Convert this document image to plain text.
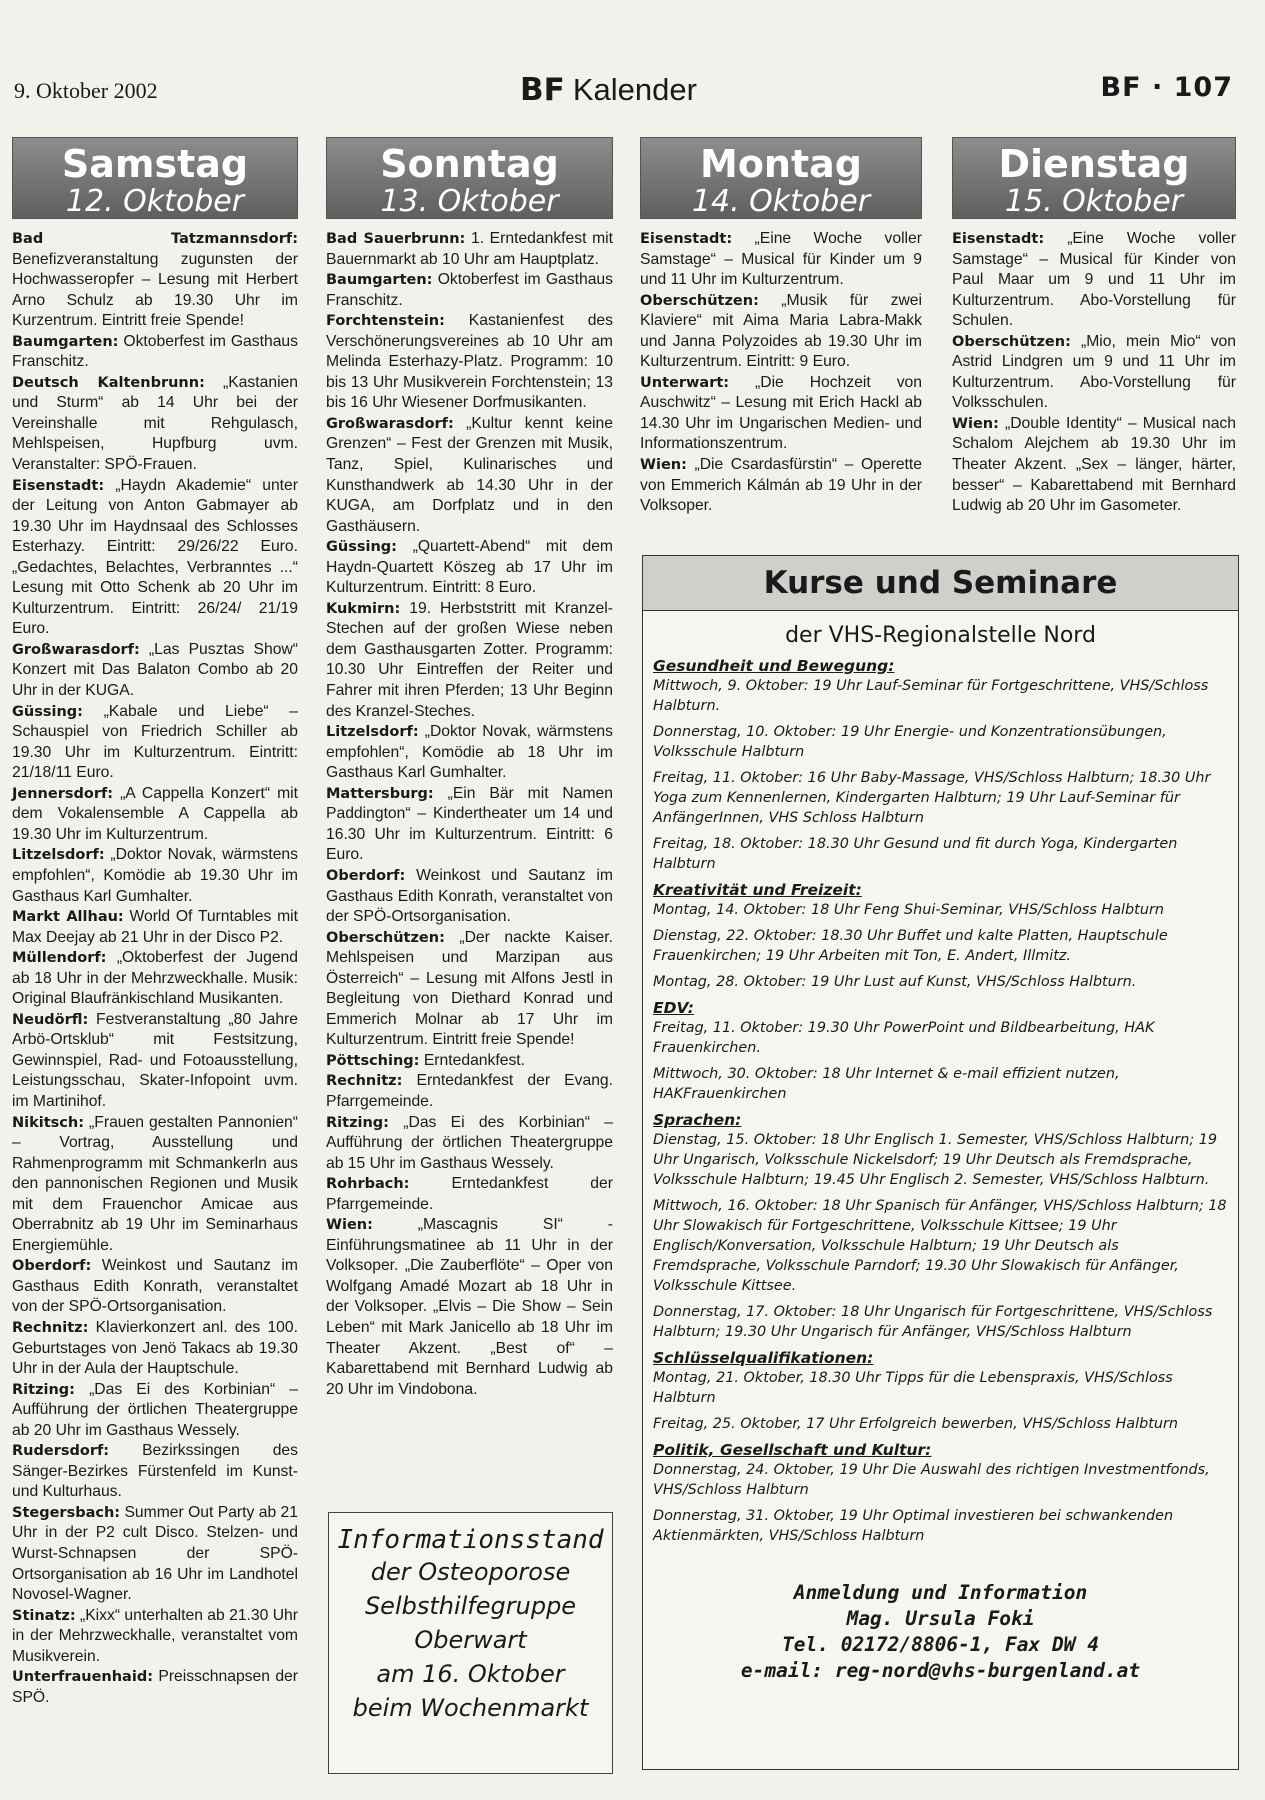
9. Oktober 2002	BF Kalender	BF · 107
Samstag
12. Oktober

Bad Tatzmannsdorf: Benefizveranstaltung zugunsten der Hochwasseropfer – Lesung mit Herbert Arno Schulz ab 19.30 Uhr im Kurzentrum. Eintritt freie Spende!

Baumgarten: Oktoberfest im Gasthaus Franschitz.

Deutsch Kaltenbrunn: „Kastanien und Sturm“ ab 14 Uhr bei der Vereinshalle mit Rehgulasch, Mehlspeisen, Hupfburg uvm. Veranstalter: SPÖ-Frauen.

Eisenstadt: „Haydn Akademie“ unter der Leitung von Anton Gabmayer ab 19.30 Uhr im Haydnsaal des Schlosses Esterhazy. Eintritt: 29/26/22 Euro. „Gedachtes, Belachtes, Verbranntes ...“ Lesung mit Otto Schenk ab 20 Uhr im Kulturzentrum. Eintritt: 26/24/ 21/19 Euro.

Großwarasdorf: „Las Pusztas Show“ Konzert mit Das Balaton Combo ab 20 Uhr in der KUGA.

Güssing: „Kabale und Liebe“ – Schauspiel von Friedrich Schiller ab 19.30 Uhr im Kulturzentrum. Eintritt: 21/18/11 Euro.

Jennersdorf: „A Cappella Konzert“ mit dem Vokalensemble A Cappella ab 19.30 Uhr im Kulturzentrum.

Litzelsdorf: „Doktor Novak, wärmstens empfohlen“, Komödie ab 19.30 Uhr im Gasthaus Karl Gumhalter.

Markt Allhau: World Of Turntables mit Max Deejay ab 21 Uhr in der Disco P2.

Müllendorf: „Oktoberfest der Jugend ab 18 Uhr in der Mehrzweckhalle. Musik: Original Blaufränkischland Musikanten.

Neudörfl: Festveranstaltung „80 Jahre Arbö-Ortsklub“ mit Festsitzung, Gewinnspiel, Rad- und Fotoausstellung, Leistungsschau, Skater-Infopoint uvm. im Martinihof.

Nikitsch: „Frauen gestalten Pannonien“ – Vortrag, Ausstellung und Rahmenprogramm mit Schmankerln aus den pannonischen Regionen und Musik mit dem Frauenchor Amicae aus Oberrabnitz ab 19 Uhr im Seminarhaus Energiemühle.

Oberdorf: Weinkost und Sautanz im Gasthaus Edith Konrath, veranstaltet von der SPÖ-Ortsorganisation.

Rechnitz: Klavierkonzert anl. des 100. Geburtstages von Jenö Takacs ab 19.30 Uhr in der Aula der Hauptschule.

Ritzing: „Das Ei des Korbinian“ – Aufführung der örtlichen Theatergruppe ab 20 Uhr im Gasthaus Wessely.

Rudersdorf: Bezirkssingen des Sänger-Bezirkes Fürstenfeld im Kunst- und Kulturhaus.

Stegersbach: Summer Out Party ab 21 Uhr in der P2 cult Disco. Stelzen- und Wurst-Schnapsen der SPÖ-Ortsorganisation ab 16 Uhr im Landhotel Novosel-Wagner.

Stinatz: „Kixx“ unterhalten ab 21.30 Uhr in der Mehrzweckhalle, veranstaltet vom Musikverein.

Unterfrauenhaid: Preisschnapsen der SPÖ.

Sonntag
13. Oktober

Bad Sauerbrunn: 1. Erntedankfest mit Bauernmarkt ab 10 Uhr am Hauptplatz.

Baumgarten: Oktoberfest im Gasthaus Franschitz.

Forchtenstein: Kastanienfest des Verschönerungsvereines ab 10 Uhr am Melinda Esterhazy-Platz. Programm: 10 bis 13 Uhr Musikverein Forchtenstein; 13 bis 16 Uhr Wiesener Dorfmusikanten.

Großwarasdorf: „Kultur kennt keine Grenzen“ – Fest der Grenzen mit Musik, Tanz, Spiel, Kulinarisches und Kunsthandwerk ab 14.30 Uhr in der KUGA, am Dorfplatz und in den Gasthäusern.

Güssing: „Quartett-Abend“ mit dem Haydn-Quartett Köszeg ab 17 Uhr im Kulturzentrum. Eintritt: 8 Euro.

Kukmirn: 19. Herbststritt mit Kranzel-Stechen auf der großen Wiese neben dem Gasthausgarten Zotter. Programm: 10.30 Uhr Eintreffen der Reiter und Fahrer mit ihren Pferden; 13 Uhr Beginn des Kranzel-Steches.

Litzelsdorf: „Doktor Novak, wärmstens empfohlen“, Komödie ab 18 Uhr im Gasthaus Karl Gumhalter.

Mattersburg: „Ein Bär mit Namen Paddington“ – Kindertheater um 14 und 16.30 Uhr im Kulturzentrum. Eintritt: 6 Euro.

Oberdorf: Weinkost und Sautanz im Gasthaus Edith Konrath, veranstaltet von der SPÖ-Ortsorganisation.

Oberschützen: „Der nackte Kaiser. Mehlspeisen und Marzipan aus Österreich“ – Lesung mit Alfons Jestl in Begleitung von Diethard Konrad und Emmerich Molnar ab 17 Uhr im Kulturzentrum. Eintritt freie Spende!

Pöttsching: Erntedankfest.

Rechnitz: Erntedankfest der Evang. Pfarrgemeinde.

Ritzing: „Das Ei des Korbinian“ – Aufführung der örtlichen Theatergruppe ab 15 Uhr im Gasthaus Wessely.

Rohrbach: Erntedankfest der Pfarrgemeinde.

Wien: „Mascagnis SI“ - Einführungsmatinee ab 11 Uhr in der Volksoper. „Die Zauberflöte“ – Oper von Wolfgang Amadé Mozart ab 18 Uhr in der Volksoper. „Elvis – Die Show – Sein Leben“ mit Mark Janicello ab 18 Uhr im Theater Akzent. „Best of“ – Kabarettabend mit Bernhard Ludwig ab 20 Uhr im Vindobona.

Montag
14. Oktober

Eisenstadt: „Eine Woche voller Samstage“ – Musical für Kinder um 9 und 11 Uhr im Kulturzentrum.

Oberschützen: „Musik für zwei Klaviere“ mit Aima Maria Labra-Makk und Janna Polyzoides ab 19.30 Uhr im Kulturzentrum. Eintritt: 9 Euro.

Unterwart: „Die Hochzeit von Auschwitz“ – Lesung mit Erich Hackl ab 14.30 Uhr im Ungarischen Medien- und Informationszentrum.

Wien: „Die Csardasfürstin“ – Operette von Emmerich Kálmán ab 19 Uhr in der Volksoper.

Dienstag
15. Oktober

Eisenstadt: „Eine Woche voller Samstage“ – Musical für Kinder von Paul Maar um 9 und 11 Uhr im Kulturzentrum. Abo-Vorstellung für Schulen.

Oberschützen: „Mio, mein Mio“ von Astrid Lindgren um 9 und 11 Uhr im Kulturzentrum. Abo-Vorstellung für Volksschulen.

Wien: „Double Identity“ – Musical nach Schalom Alejchem ab 19.30 Uhr im Theater Akzent. „Sex – länger, härter, besser“ – Kabarettabend mit Bernhard Ludwig ab 20 Uhr im Gasometer.

Informationsstand
der Osteoporose
Selbsthilfegruppe
Oberwart
am 16. Oktober
beim Wochenmarkt
Kurse und Seminare
der VHS-Regionalstelle Nord
Gesundheit und Bewegung:
Mittwoch, 9. Oktober: 19 Uhr Lauf-Seminar für Fortgeschrittene, VHS/Schloss Halbturn.
Donnerstag, 10. Oktober: 19 Uhr Energie- und Konzentrationsübungen, Volksschule Halbturn
Freitag, 11. Oktober: 16 Uhr Baby-Massage, VHS/Schloss Halbturn; 18.30 Uhr Yoga zum Kennenlernen, Kindergarten Halbturn; 19 Uhr Lauf-Seminar für AnfängerInnen, VHS Schloss Halbturn
Freitag, 18. Oktober: 18.30 Uhr Gesund und fit durch Yoga, Kindergarten Halbturn
Kreativität und Freizeit:
Montag, 14. Oktober: 18 Uhr Feng Shui-Seminar, VHS/Schloss Halbturn
Dienstag, 22. Oktober: 18.30 Uhr Buffet und kalte Platten, Hauptschule Frauenkirchen; 19 Uhr Arbeiten mit Ton, E. Andert, Illmitz.
Montag, 28. Oktober: 19 Uhr Lust auf Kunst, VHS/Schloss Halbturn.
EDV:
Freitag, 11. Oktober: 19.30 Uhr PowerPoint und Bildbearbeitung, HAK Frauenkirchen.
Mittwoch, 30. Oktober: 18 Uhr Internet & e-mail effizient nutzen, HAKFrauenkirchen
Sprachen:
Dienstag, 15. Oktober: 18 Uhr Englisch 1. Semester, VHS/Schloss Halbturn; 19 Uhr Ungarisch, Volksschule Nickelsdorf; 19 Uhr Deutsch als Fremdsprache, Volksschule Halbturn; 19.45 Uhr Englisch 2. Semester, VHS/Schloss Halbturn.
Mittwoch, 16. Oktober: 18 Uhr Spanisch für Anfänger, VHS/Schloss Halbturn; 18 Uhr Slowakisch für Fortgeschrittene, Volksschule Kittsee; 19 Uhr Englisch/Konversation, Volksschule Halbturn; 19 Uhr Deutsch als Fremdsprache, Volksschule Parndorf; 19.30 Uhr Slowakisch für Anfänger, Volksschule Kittsee.
Donnerstag, 17. Oktober: 18 Uhr Ungarisch für Fortgeschrittene, VHS/Schloss Halbturn; 19.30 Uhr Ungarisch für Anfänger, VHS/Schloss Halbturn
Schlüsselqualifikationen:
Montag, 21. Oktober, 18.30 Uhr Tipps für die Lebenspraxis, VHS/Schloss Halbturn
Freitag, 25. Oktober, 17 Uhr Erfolgreich bewerben, VHS/Schloss Halbturn
Politik, Gesellschaft und Kultur:
Donnerstag, 24. Oktober, 19 Uhr Die Auswahl des richtigen Investmentfonds, VHS/Schloss Halbturn
Donnerstag, 31. Oktober, 19 Uhr Optimal investieren bei schwankenden Aktienmärkten, VHS/Schloss Halbturn
Anmeldung und Information
Mag. Ursula Foki
Tel. 02172/8806-1, Fax DW 4
e-mail: reg-nord@vhs-burgenland.at
